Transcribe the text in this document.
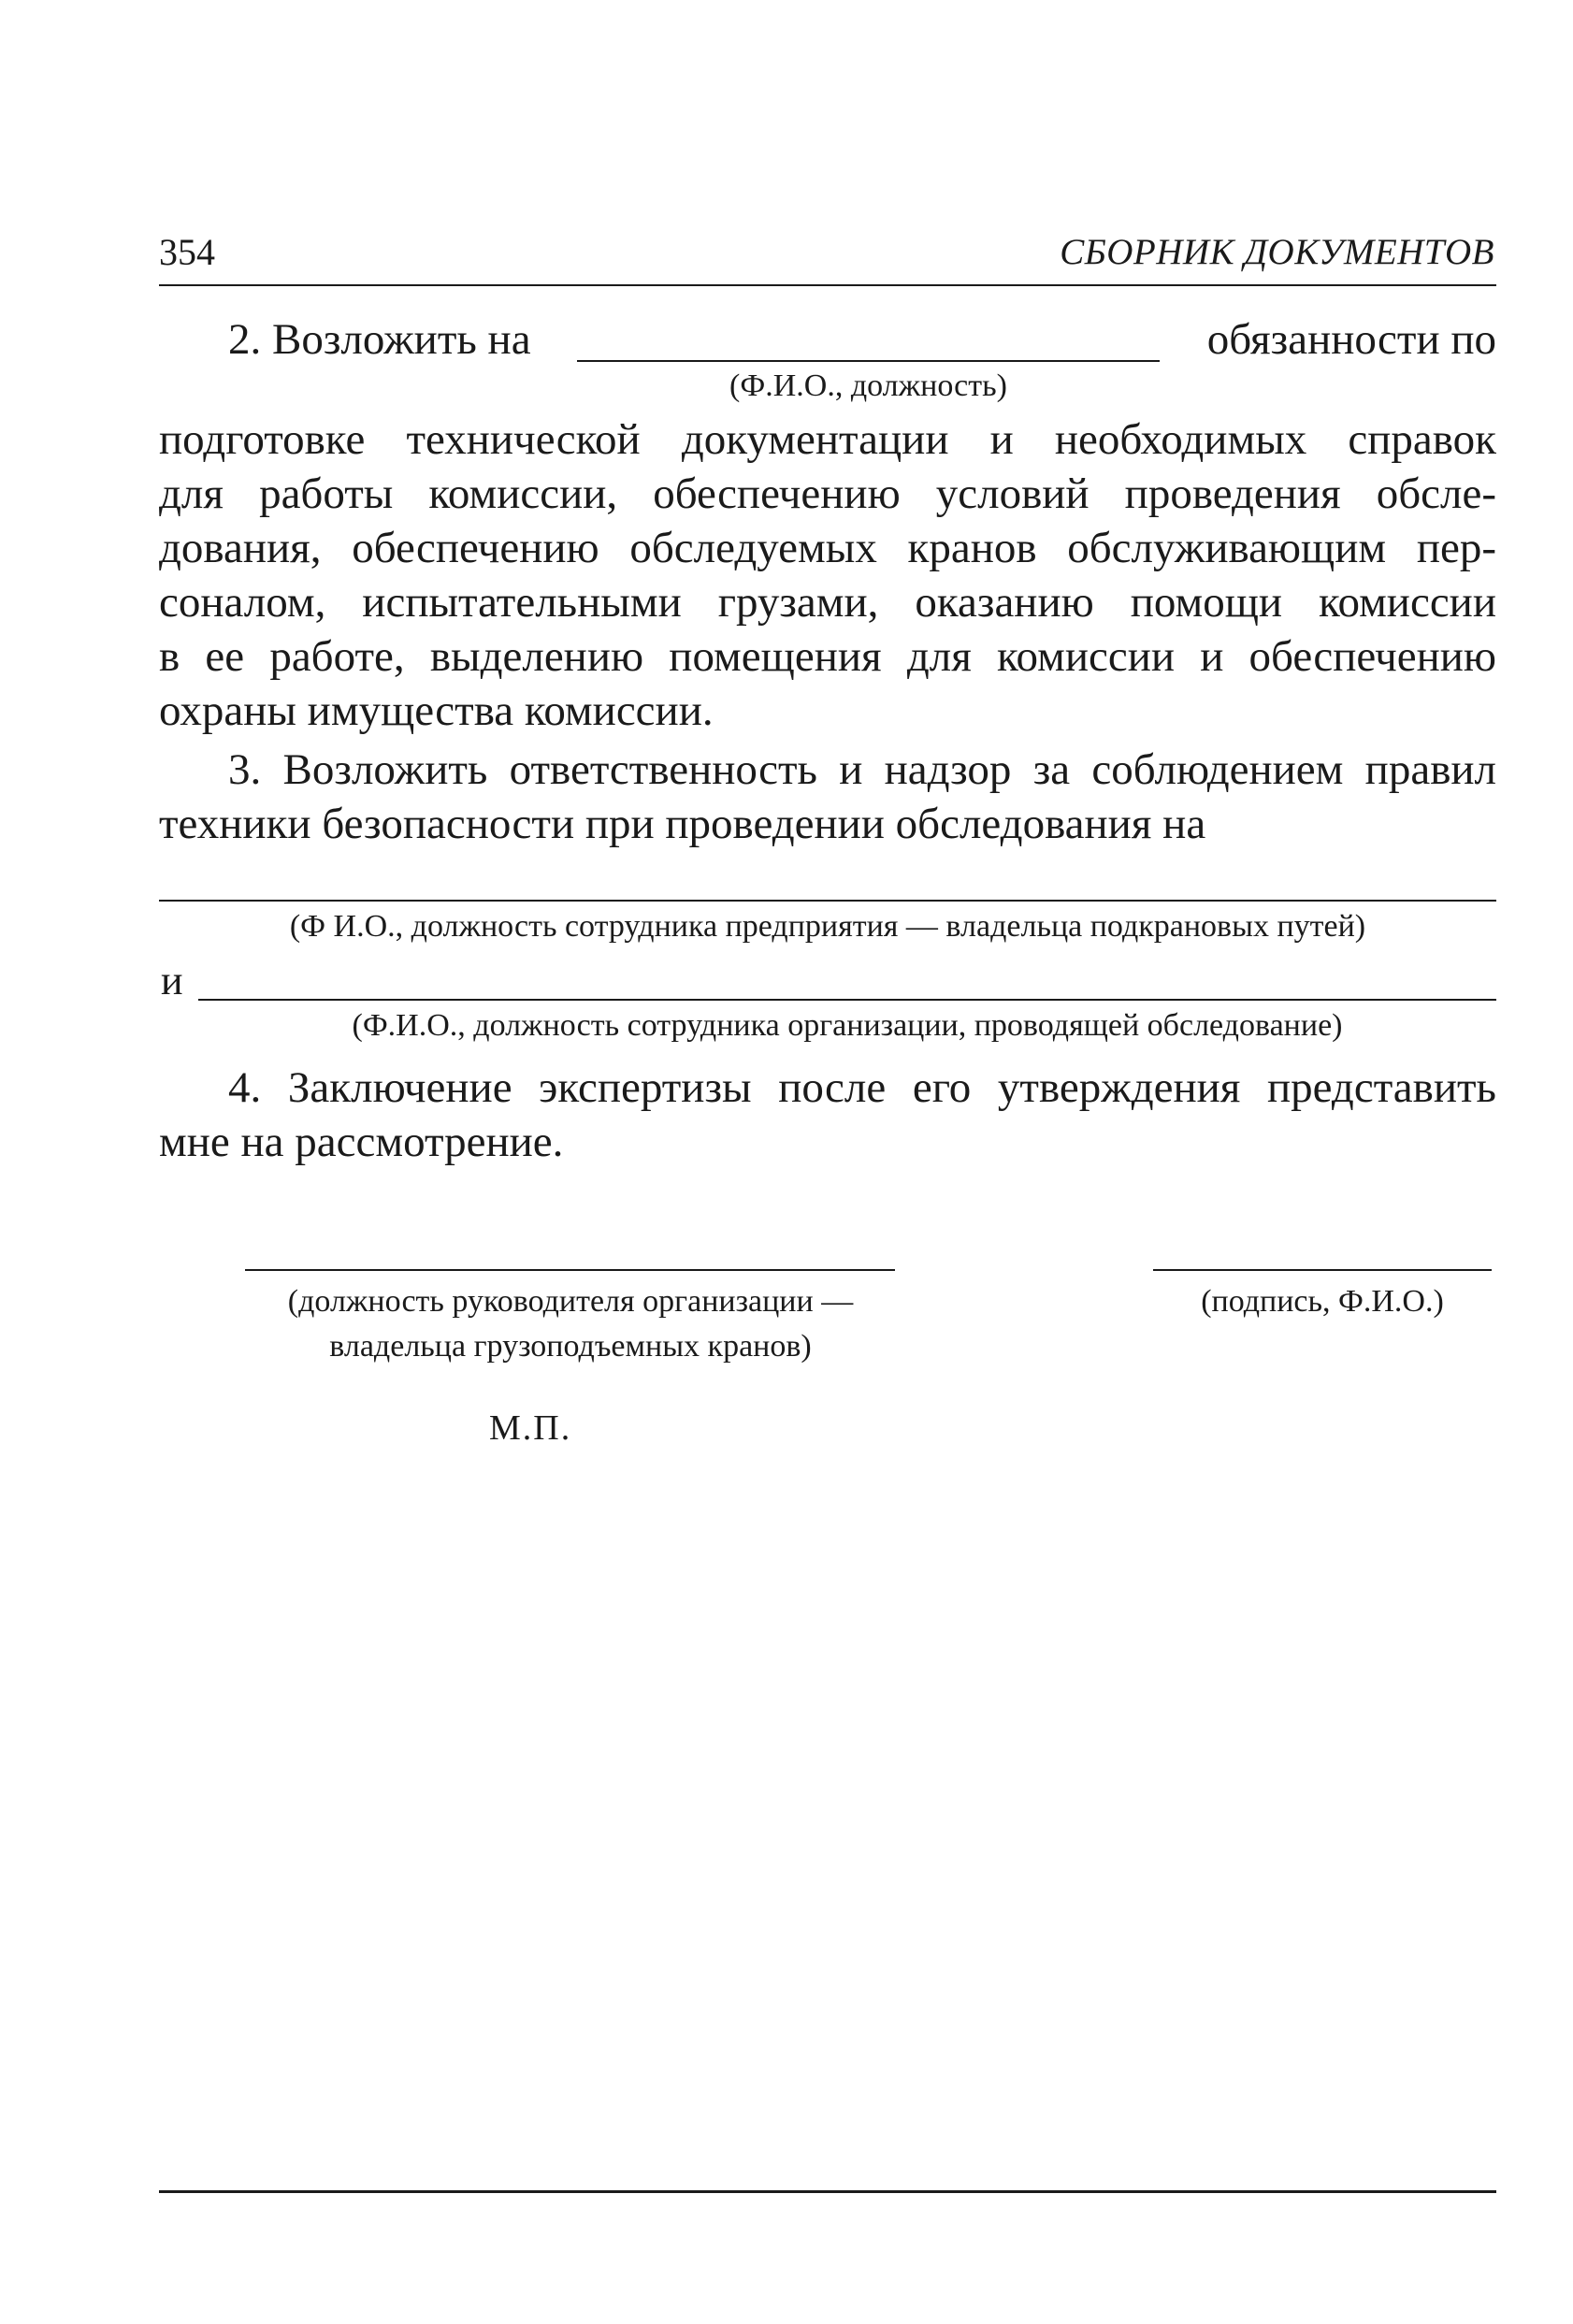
354	СБОРНИК ДОКУМЕНТОВ
2. Возложить на	обязанности по
(Ф.И.О., должность)
подготовке технической документации и необходимых справок
для работы комиссии, обеспечению условий проведения обсле-
дования, обеспечению обследуемых кранов обслуживающим пер-
соналом, испытательными грузами, оказанию помощи комиссии
в ее работе, выделению помещения для комиссии и обеспечению
охраны имущества комиссии.
3. Возложить ответственность и надзор за соблюдением правил
техники безопасности при проведении обследования на
(Ф И.О., должность сотрудника предприятия — владельца подкрановых путей)
и
(Ф.И.О., должность сотрудника организации, проводящей обследование)
4. Заключение экспертизы после его утверждения представить
мне на рассмотрение.
(должность руководителя организации —
владельца грузоподъемных кранов)
(подпись, Ф.И.О.)
М.П.
